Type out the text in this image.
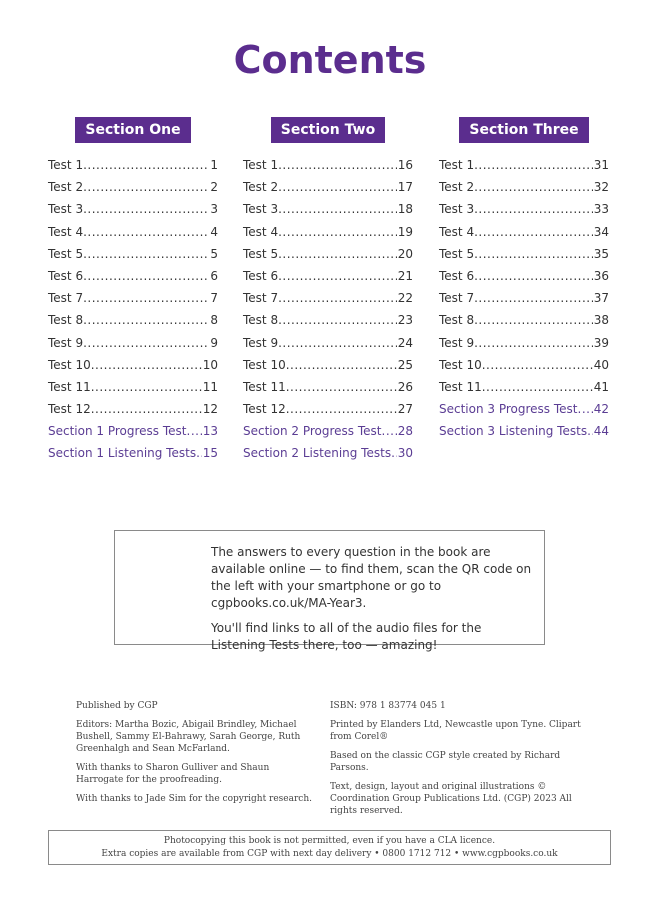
Contents
Section One
Test 1 .....	1
Test 2 .....	2
Test 3 .....	3
Test 4 .....	4
Test 5 .....	5
Test 6 .....	6
Test 7 .....	7
Test 8 .....	8
Test 9 .....	9
Test 10 .....	10
Test 11 .....	11
Test 12 .....	12
Section 1 Progress Test ..... 13
Section 1 Listening Tests ..... 15
Section Two
Test 1 .....	16
Test 2 .....	17
Test 3 .....	18
Test 4 .....	19
Test 5 .....	20
Test 6 .....	21
Test 7 .....	22
Test 8 .....	23
Test 9 .....	24
Test 10 .....	25
Test 11 .....	26
Test 12 .....	27
Section 2 Progress Test ..... 28
Section 2 Listening Tests ..... 30
Section Three
Test 1 .....	31
Test 2 .....	32
Test 3 .....	33
Test 4 .....	34
Test 5 .....	35
Test 6 .....	36
Test 7 .....	37
Test 8 .....	38
Test 9 .....	39
Test 10 .....	40
Test 11 .....	41
Section 3 Progress Test ..... 42
Section 3 Listening Tests ..... 44

The answers to every question in the book are available online — to find them, scan the QR code on the left with your smartphone or go to cgpbooks.co.uk/MA-Year3.

You'll find links to all of the audio files for the Listening Tests there, too — amazing!

Published by CGP

Editors: Martha Bozic, Abigail Brindley, Michael Bushell, Sammy El-Bahrawy, Sarah George, Ruth Greenhalgh and Sean McFarland.

With thanks to Sharon Gulliver and Shaun Harrogate for the proofreading.

With thanks to Jade Sim for the copyright research.

ISBN: 978 1 83774 045 1

Printed by Elanders Ltd, Newcastle upon Tyne. Clipart from Corel®

Based on the classic CGP style created by Richard Parsons.

Text, design, layout and original illustrations © Coordination Group Publications Ltd. (CGP) 2023 All rights reserved.

Photocopying this book is not permitted, even if you have a CLA licence.
Extra copies are available from CGP with next day delivery • 0800 1712 712 • www.cgpbooks.co.uk
